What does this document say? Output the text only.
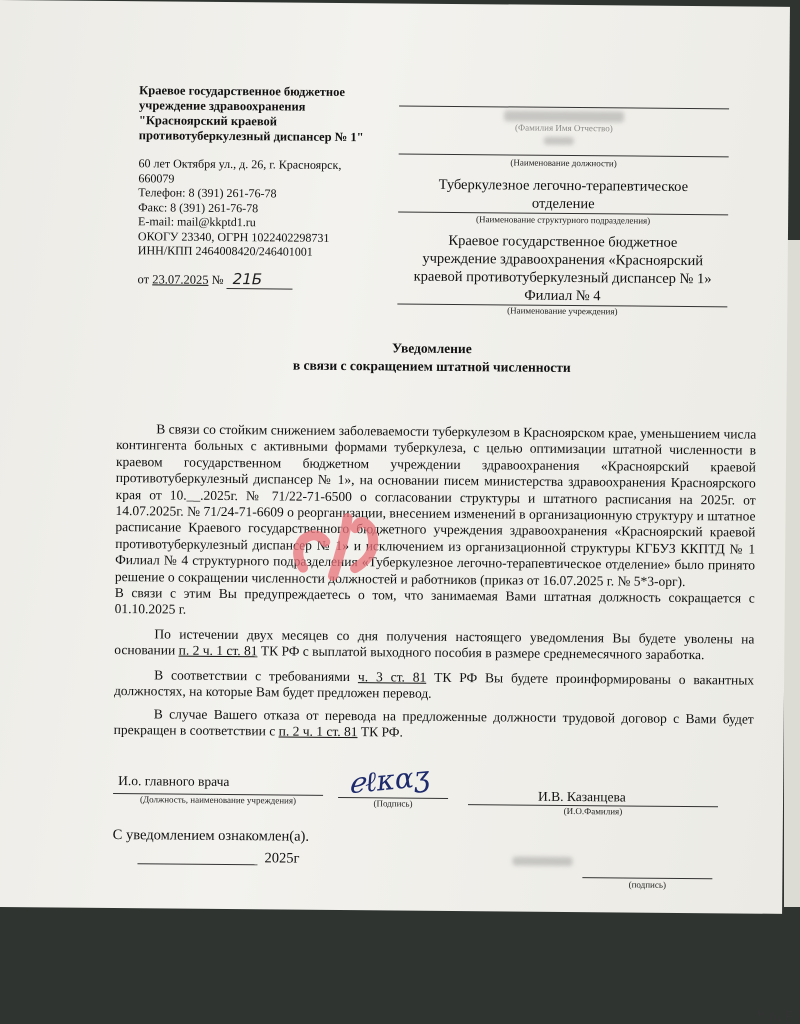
ыл № 4
Краевое государственное бюджетное
учреждение здравоохранения
"Красноярский краевой
противотуберкулезный диспансер № 1"
60 лет Октября ул., д. 26, г. Красноярск,
660079
Телефон: 8 (391) 261-76-78
Факс: 8 (391) 261-76-78
E-mail: mail@kkptd1.ru
ОКОГУ 23340, ОГРН 1022402298731
ИНН/КПП 2464008420/246401001
от 23.07.2025 № 21Б
(Фамилия Имя Отчество)
(Наименование должности)
Туберкулезное легочно-терапевтическое
отделение
(Наименование структурного подразделения)
Краевое государственное бюджетное
учреждение здравоохранения «Красноярский
краевой противотуберкулезный диспансер № 1»
Филиал № 4
(Наименование учреждения)
Уведомление
в связи с сокращением штатной численности

В связи со стойким снижением заболеваемости туберкулезом в Красноярском крае, уменьшением числа контингента больных с активными формами туберкулеза, с целью оптимизации штатной численности в краевом государственном бюджетном учреждении здравоохранения «Красноярский краевой противотуберкулезный диспансер № 1», на основании писем министерства здравоохранения Красноярского края от 10.__.2025г. № 71/22-71-6500 о согласовании структуры и штатного расписания на 2025г. от 14.07.2025г. № 71/24-71-6609 о реорганизации, внесением изменений в организационную структуру и штатное расписание Краевого государственного бюджетного учреждения здравоохранения «Красноярский краевой противотуберкулезный диспансер № 1» и исключением из организационной структуры КГБУЗ ККПТД № 1 Филиал № 4 структурного подразделения «Туберкулезное легочно-терапевтическое отделение» было принято решение о сокращении численности должностей и работников (приказ от 16.07.2025 г. № 5*3-орг).

В связи с этим Вы предупреждаетесь о том, что занимаемая Вами штатная должность сокращается с 01.10.2025 г.

По истечении двух месяцев со дня получения настоящего уведомления Вы будете уволены на основании п. 2 ч. 1 ст. 81 ТК РФ с выплатой выходного пособия в размере среднемесячного заработка.

В соответствии с требованиями ч. 3 ст. 81 ТК РФ Вы будете проинформированы о вакантных должностях, на которые Вам будет предложен перевод.

В случае Вашего отказа от перевода на предложенные должности трудовой договор с Вами будет прекращен в соответствии с п. 2 ч. 1 ст. 81 ТК РФ.

И.о. главного врача
(Должность, наименование учреждения)	ℯℓκαӡ
(Подпись)	И.В. Казанцева
(И.О.Фамилия)
С уведомлением ознакомлен(а).
2025г
(подпись)
